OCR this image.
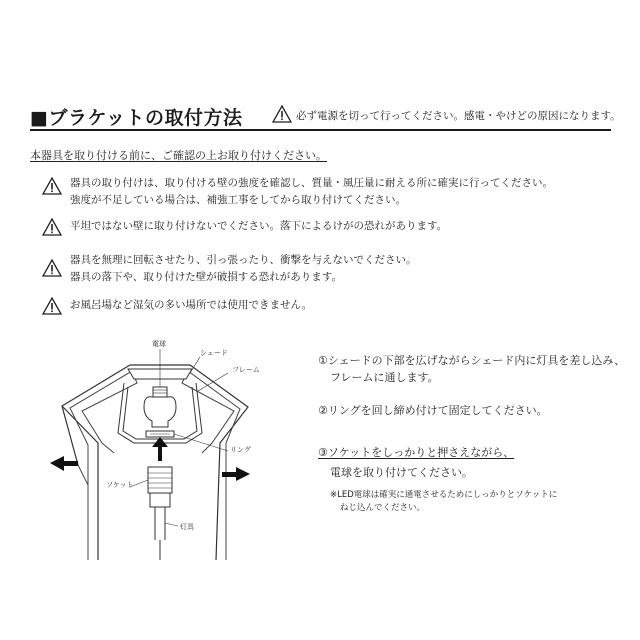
■ブラケットの取付方法	必ず電源を切って行ってください。感電・やけどの原因になります。
本器具を取り付ける前に、ご確認の上お取り付けください。
器具の取り付けは、取り付ける壁の強度を確認し、質量・風圧量に耐える所に確実に行ってください。
強度が不足している場合は、補強工事をしてから取り付けてください。
平坦ではない壁に取り付けないでください。落下によるけがの恐れがあります。
器具を無理に回転させたり、引っ張ったり、衝撃を与えないでください。
器具の落下や、取り付けた壁が破損する恐れがあります。
お風呂場など湿気の多い場所では使用できません。
電球
シェード
フレーム
リング
ソケット
灯具
①シェードの下部を広げながらシェード内に灯具を差し込み、
フレームに通します。
②リングを回し締め付けて固定してください。
③ソケットをしっかりと押さえながら、
電球を取り付けてください。
※LED電球は確実に通電させるためにしっかりとソケットに
ねじ込んでください。
